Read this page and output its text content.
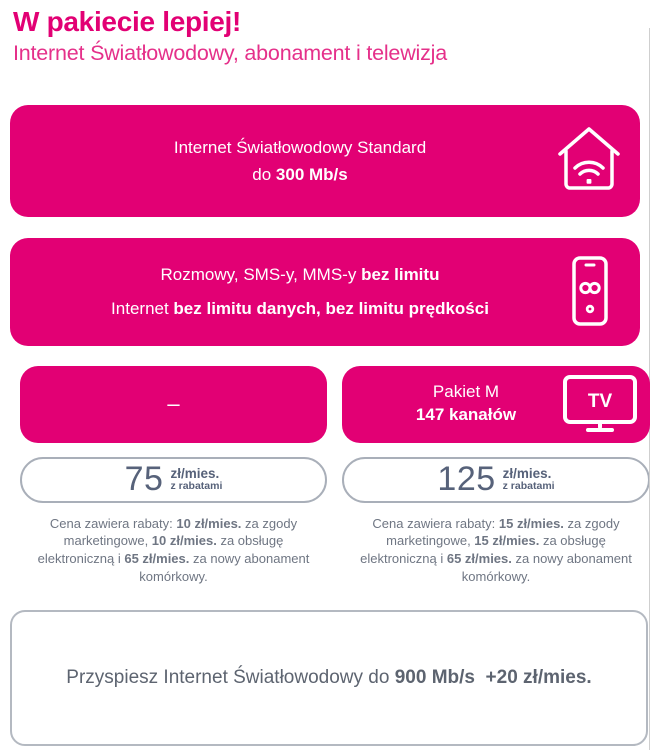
W pakiecie lepiej!
Internet Światłowodowy, abonament i telewizja
Internet Światłowodowy Standard
do 300 Mb/s
Rozmowy, SMS-y, MMS-y bez limitu
Internet bez limitu danych, bez limitu prędkości
–	Pakiet M
147 kanałów
TV
75 zł/mies.
z rabatami	125 zł/mies.
z rabatami
Cena zawiera rabaty: 10 zł/mies. za zgody marketingowe, 10 zł/mies. za obsługę elektroniczną i 65 zł/mies. za nowy abonament komórkowy.
Cena zawiera rabaty: 15 zł/mies. za zgody marketingowe, 15 zł/mies. za obsługę elektroniczną i 65 zł/mies. za nowy abonament komórkowy.
Przyspiesz Internet Światłowodowy do 900 Mb/s +20 zł/mies.
